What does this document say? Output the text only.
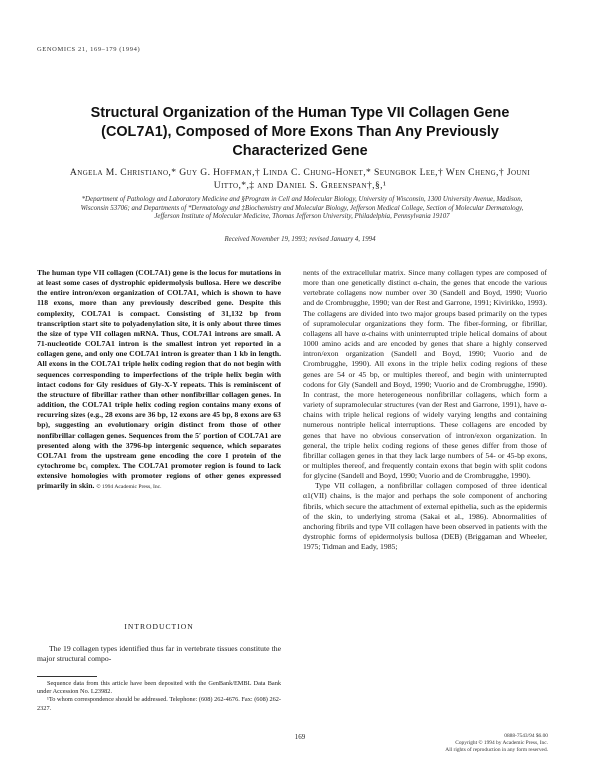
GENOMICS 21, 169–179 (1994)
Structural Organization of the Human Type VII Collagen Gene (COL7A1), Composed of More Exons Than Any Previously Characterized Gene
Angela M. Christiano,* Guy G. Hoffman,† Linda C. Chung-Honet,* Seungbok Lee,† Wen Cheng,† Jouni Uitto,*,‡ and Daniel S. Greenspan†,§,¹
*Department of Pathology and Laboratory Medicine and §Program in Cell and Molecular Biology, University of Wisconsin, 1300 University Avenue, Madison, Wisconsin 53706; and Departments of *Dermatology and ‡Biochemistry and Molecular Biology, Jefferson Medical College, Section of Molecular Dermatology, Jefferson Institute of Molecular Medicine, Thomas Jefferson University, Philadelphia, Pennsylvania 19107
Received November 19, 1993; revised January 4, 1994
The human type VII collagen (COL7A1) gene is the locus for mutations in at least some cases of dystrophic epidermolysis bullosa. Here we describe the entire intron/exon organization of COL7A1, which is shown to have 118 exons, more than any previously described gene. Despite this complexity, COL7A1 is compact. Consisting of 31,132 bp from transcription start site to polyadenylation site, it is only about three times the size of type VII collagen mRNA. Thus, COL7A1 introns are small. A 71-nucleotide COL7A1 intron is the smallest intron yet reported in a collagen gene, and only one COL7A1 intron is greater than 1 kb in length. All exons in the COL7A1 triple helix coding region that do not begin with sequences corresponding to imperfections of the triple helix begin with intact codons for Gly residues of Gly-X-Y repeats. This is reminiscent of the structure of fibrillar rather than other nonfibrillar collagen genes. In addition, the COL7A1 triple helix coding region contains many exons of recurring sizes (e.g., 28 exons are 36 bp, 12 exons are 45 bp, 8 exons are 63 bp), suggesting an evolutionary origin distinct from those of other nonfibrillar collagen genes. Sequences from the 5′ portion of COL7A1 are presented along with the 3796-bp intergenic sequence, which separates COL7A1 from the upstream gene encoding the core I protein of the cytochrome bc₁ complex. The COL7A1 promoter region is found to lack extensive homologies with promoter regions of other genes expressed primarily in skin. © 1994 Academic Press, Inc.
INTRODUCTION
The 19 collagen types identified thus far in vertebrate tissues constitute the major structural compo-

Sequence data from this article have been deposited with the GenBank/EMBL Data Bank under Accession No. L23982.

¹To whom correspondence should be addressed. Telephone: (608) 262-4676. Fax: (608) 262-2327.

nents of the extracellular matrix. Since many collagen types are composed of more than one genetically distinct α-chain, the genes that encode the various vertebrate collagens now number over 30 (Sandell and Boyd, 1990; Vuorio and de Crombrugghe, 1990; van der Rest and Garrone, 1991; Kivirikko, 1993). The collagens are divided into two major groups based primarily on the types of supramolecular organizations they form. The fiber-forming, or fibrillar, collagens all have α-chains with uninterrupted triple helical domains of about 1000 amino acids and are encoded by genes that share a highly conserved intron/exon organization (Sandell and Boyd, 1990; Vuorio and de Crombrugghe, 1990). All exons in the triple helix coding regions of these genes are 54 or 45 bp, or multiples thereof, and begin with uninterrupted codons for Gly (Sandell and Boyd, 1990; Vuorio and de Crombrugghe, 1990). In contrast, the more heterogeneous nonfibrillar collagens, which form a variety of supramolecular structures (van der Rest and Garrone, 1991), have α-chains with triple helical regions of widely varying lengths and containing numerous nontriple helical interruptions. These collagens are encoded by genes that have no obvious conservation of intron/exon organization. In general, the triple helix coding regions of these genes differ from those of fibrillar collagen genes in that they lack large numbers of 54- or 45-bp exons, or multiples thereof, and frequently contain exons that begin with split codons for glycine (Sandell and Boyd, 1990; Vuorio and de Crombrugghe, 1990).

Type VII collagen, a nonfibrillar collagen composed of three identical α1(VII) chains, is the major and perhaps the sole component of anchoring fibrils, which secure the attachment of external epithelia, such as the epidermis of the skin, to underlying stroma (Sakai et al., 1986). Abnormalities of anchoring fibrils and type VII collagen have been observed in patients with the dystrophic forms of epidermolysis bullosa (DEB) (Briggaman and Wheeler, 1975; Tidman and Eady, 1985;

169	0888-7543/94 $6.00
Copyright © 1994 by Academic Press, Inc.
All rights of reproduction in any form reserved.
